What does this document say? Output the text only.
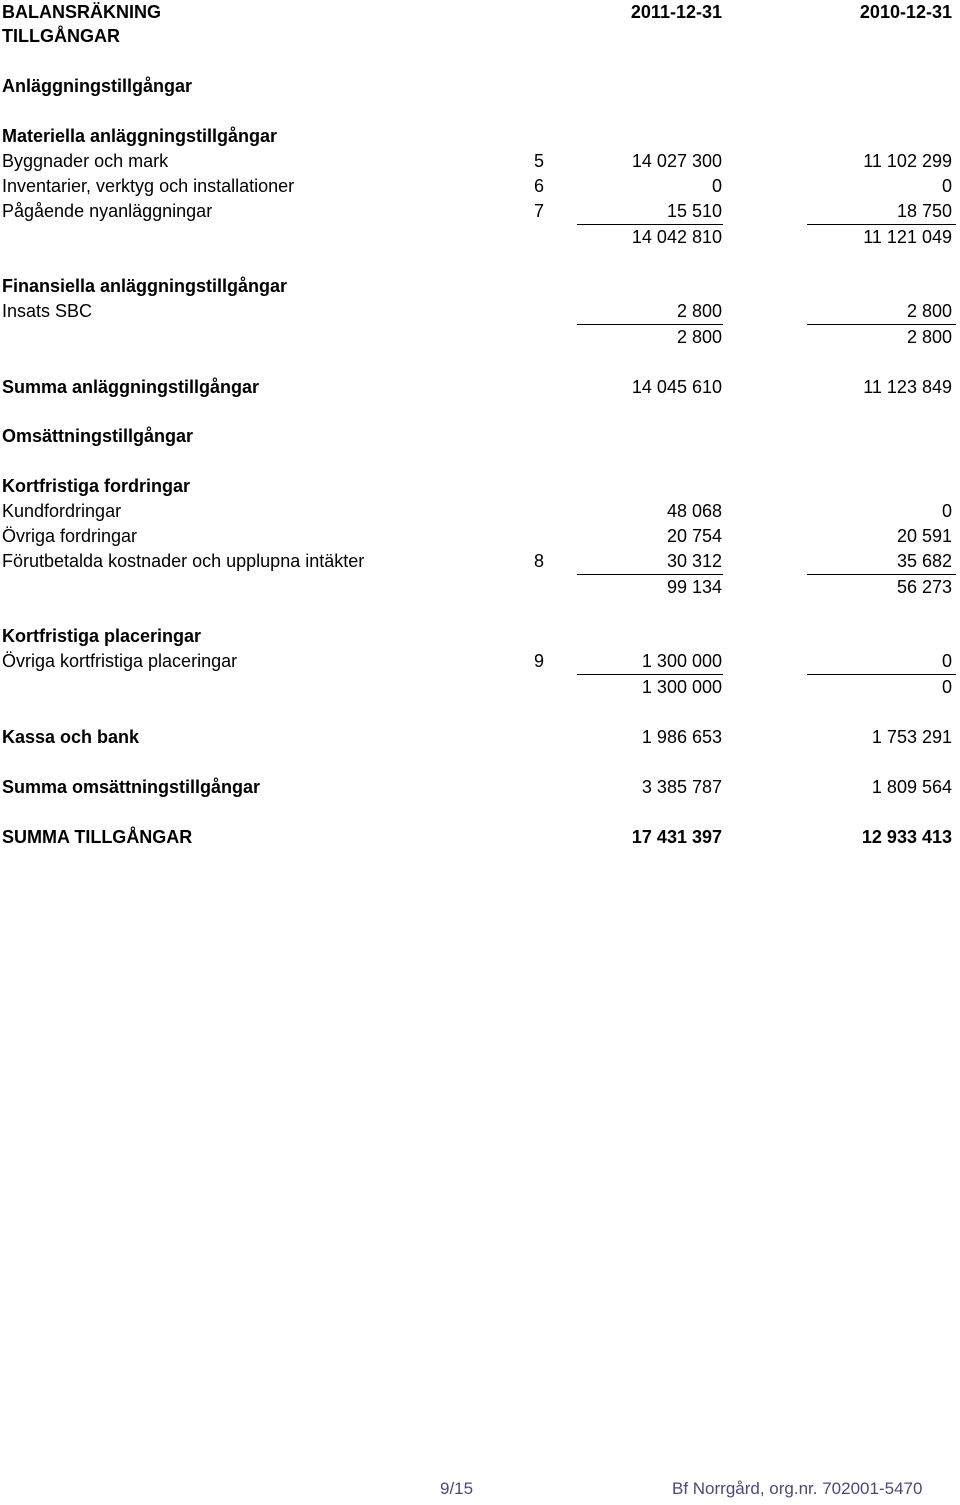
BALANSRÄKNING	2011-12-31	2010-12-31
TILLGÅNGAR
Anläggningstillgångar
Materiella anläggningstillgångar
Byggnader och mark	5	14 027 300	11 102 299
Inventarier, verktyg och installationer	6	0	0
Pågående nyanläggningar	7	15 510	18 750
14 042 810	11 121 049
Finansiella anläggningstillgångar
Insats SBC	2 800	2 800
2 800	2 800
Summa anläggningstillgångar	14 045 610	11 123 849
Omsättningstillgångar
Kortfristiga fordringar
Kundfordringar	48 068	0
Övriga fordringar	20 754	20 591
Förutbetalda kostnader och upplupna intäkter	8	30 312	35 682
99 134	56 273
Kortfristiga placeringar
Övriga kortfristiga placeringar	9	1 300 000	0
1 300 000	0
Kassa och bank	1 986 653	1 753 291
Summa omsättningstillgångar	3 385 787	1 809 564
SUMMA TILLGÅNGAR	17 431 397	12 933 413
9/15	Bf Norrgård, org.nr. 702001-5470
